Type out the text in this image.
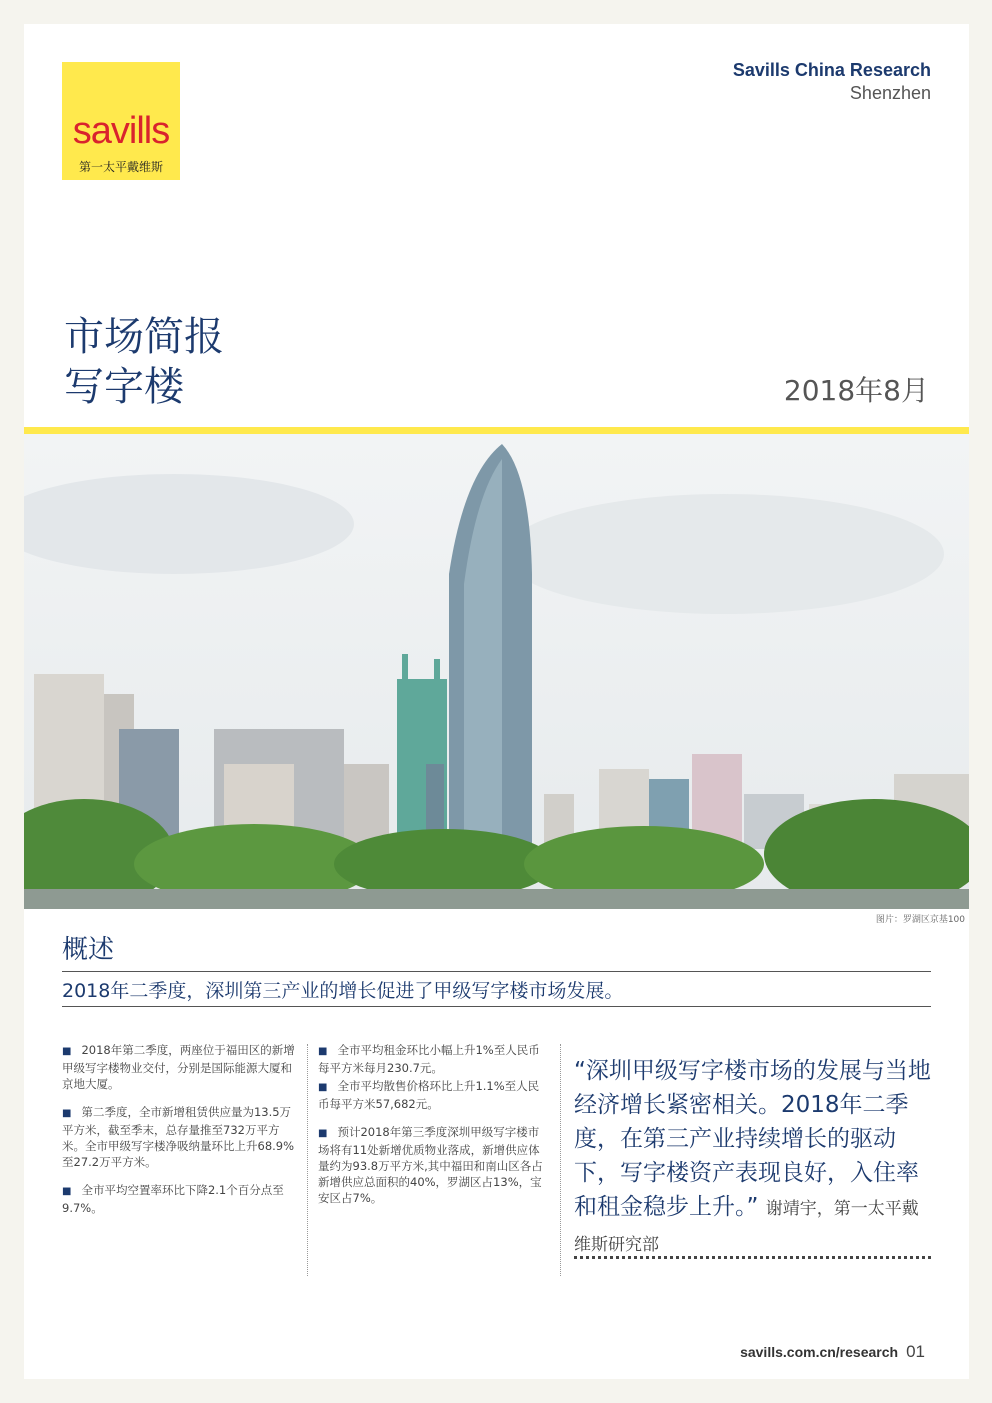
savills
第一太平戴维斯
Savills China Research
Shenzhen
市场简报
写字楼	2018年8月
图片：罗湖区京基100
概述
2018年二季度，深圳第三产业的增长促进了甲级写字楼市场发展。

■ 2018年第二季度，两座位于福田区的新增甲级写字楼物业交付，分别是国际能源大厦和京地大厦。

■ 第二季度，全市新增租赁供应量为13.5万平方米，截至季末，总存量推至732万平方米。全市甲级写字楼净吸纳量环比上升68.9%至27.2万平方米。

■ 全市平均空置率环比下降2.1个百分点至9.7%。

■ 全市平均租金环比小幅上升1%至人民币每平方米每月230.7元。

■ 全市平均散售价格环比上升1.1%至人民币每平方米57,682元。

■ 预计2018年第三季度深圳甲级写字楼市场将有11处新增优质物业落成，新增供应体量约为93.8万平方米,其中福田和南山区各占新增供应总面积的40%，罗湖区占13%，宝安区占7%。

“深圳甲级写字楼市场的发展与当地经济增长紧密相关。2018年二季度，在第三产业持续增长的驱动下，写字楼资产表现良好，入住率和租金稳步上升。” 谢靖宇，第一太平戴维斯研究部
savills.com.cn/research 01
